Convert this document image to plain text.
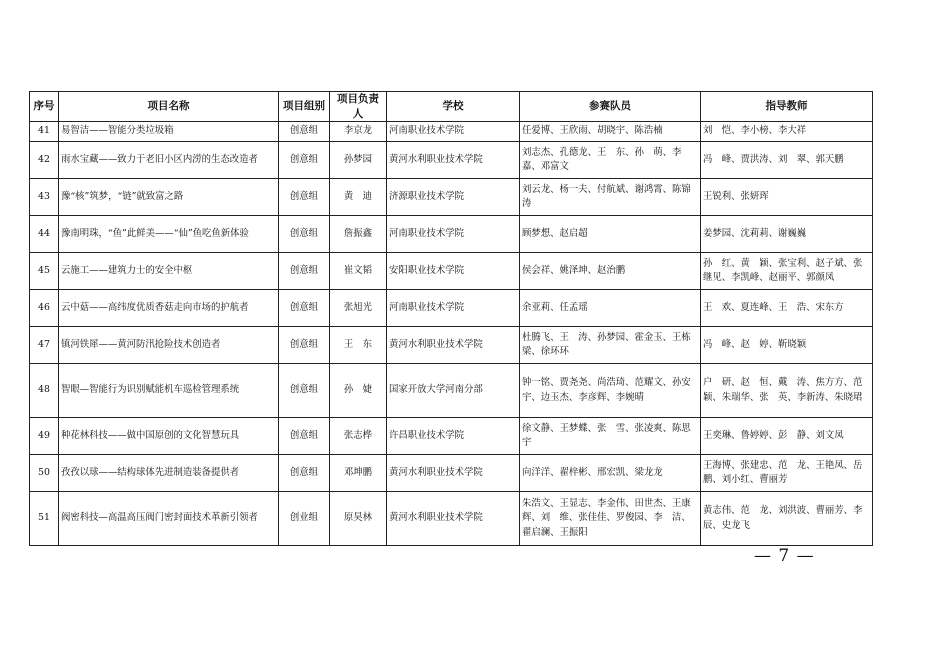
序号	项目名称	项目组别	项目负责人	学校	参赛队员	指导教师
41	易智洁——智能分类垃圾箱	创意组	李京龙	河南职业技术学院	任爱博、王欣雨、胡晓宇、陈浩楠	刘　恺、李小榜、李大祥
42	雨水宝藏——致力于老旧小区内涝的生态改造者	创意组	孙梦园	黄河水利职业技术学院	刘志杰、孔德龙、王　东、孙　萌、李　嘉、邓富文	冯　峰、贾洪涛、刘　翠、郭天鹏
43	豫“核”筑梦，“链”就致富之路	创意组	黄　迪	济源职业技术学院	刘云龙、杨一夫、付航斌、谢鸿霄、陈锦涛	王锐利、张妍珲
44	豫南明珠，“鱼”此鲜美——“仙”鱼吃鱼新体验	创意组	詹振鑫	河南职业技术学院	顾梦想、赵启超	姜梦园、沈莉莉、谢巍巍
45	云施工——建筑力士的安全中枢	创意组	崔文韬	安阳职业技术学院	侯会祥、姚泽坤、赵治鹏	孙　红、黄　颖、张宝利、赵子斌、张继见、李凯峰、赵丽平、郭颜凤
46	云中菇——高纬度优质香菇走向市场的护航者	创意组	张旭光	河南职业技术学院	余亚莉、任孟瑶	王　欢、夏连峰、王　浩、宋东方
47	镇河铁犀——黄河防汛抢险技术创造者	创意组	王　东	黄河水利职业技术学院	杜腾飞、王　涛、孙梦园、霍金玉、王栋梁、徐环环	冯　峰、赵　婷、靳晓颖
48	智眼—智能行为识别赋能机车巡检管理系统	创意组	孙　婕	国家开放大学河南分部	钟一铭、贾尧尧、尚浩琦、范耀文、孙安宇、边玉杰、李彦辉、李婉晴	户　研、赵　恒、戴　涛、焦方方、范　颖、朱瑞华、张　英、李新涛、朱晓珺
49	种花林科技——做中国原创的文化智慧玩具	创意组	张志桦	许昌职业技术学院	徐文静、王梦蝶、张　雪、张凌爽、陈思宇	王奕琳、鲁婷婷、彭　静、刘文凤
50	孜孜以球——结构球体先进制造装备提供者	创意组	邓坤鹏	黄河水利职业技术学院	向洋洋、翟梓彬、邢宏凯、梁龙龙	王海博、张建忠、范　龙、王艳凤、岳　鹏、刘小红、曹丽芳
51	阀密科技—高温高压阀门密封面技术革新引领者	创业组	原昊林	黄河水利职业技术学院	朱浩文、王显志、李金伟、田世杰、王康辉、刘　维、张佳佳、罗俊园、李　洁、翟启澜、王振阳	黄志伟、范　龙、刘洪波、曹丽芳、李　辰、史龙飞
— 7 —
